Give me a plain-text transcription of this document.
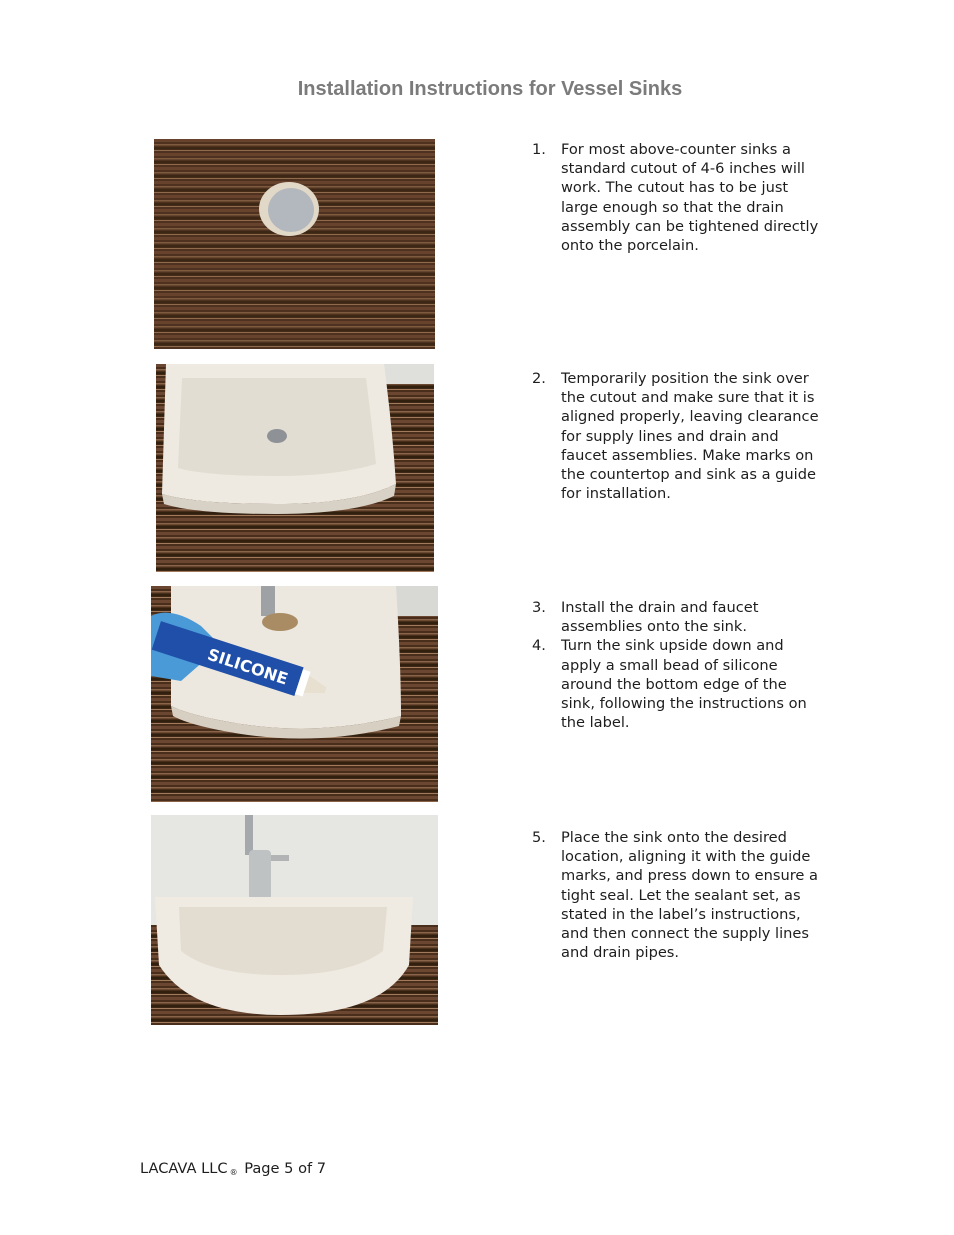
Installation Instructions for Vessel Sinks
SILICONE
1. For most above-counter sinks a standard cutout of 4-6 inches will work. The cutout has to be just large enough so that the drain assembly can be tightened directly onto the porcelain.
2. Temporarily position the sink over the cutout and make sure that it is aligned properly, leaving clearance for supply lines and drain and faucet assemblies. Make marks on the countertop and sink as a guide for installation.
3. Install the drain and faucet assemblies onto the sink.
4. Turn the sink upside down and apply a small bead of silicone around the bottom edge of the sink, following the instructions on the label.
5. Place the sink onto the desired location, aligning it with the guide marks, and press down to ensure a tight seal. Let the sealant set, as stated in the label’s instructions, and then connect the supply lines and drain pipes.
LACAVA LLC ® Page 5 of 7
